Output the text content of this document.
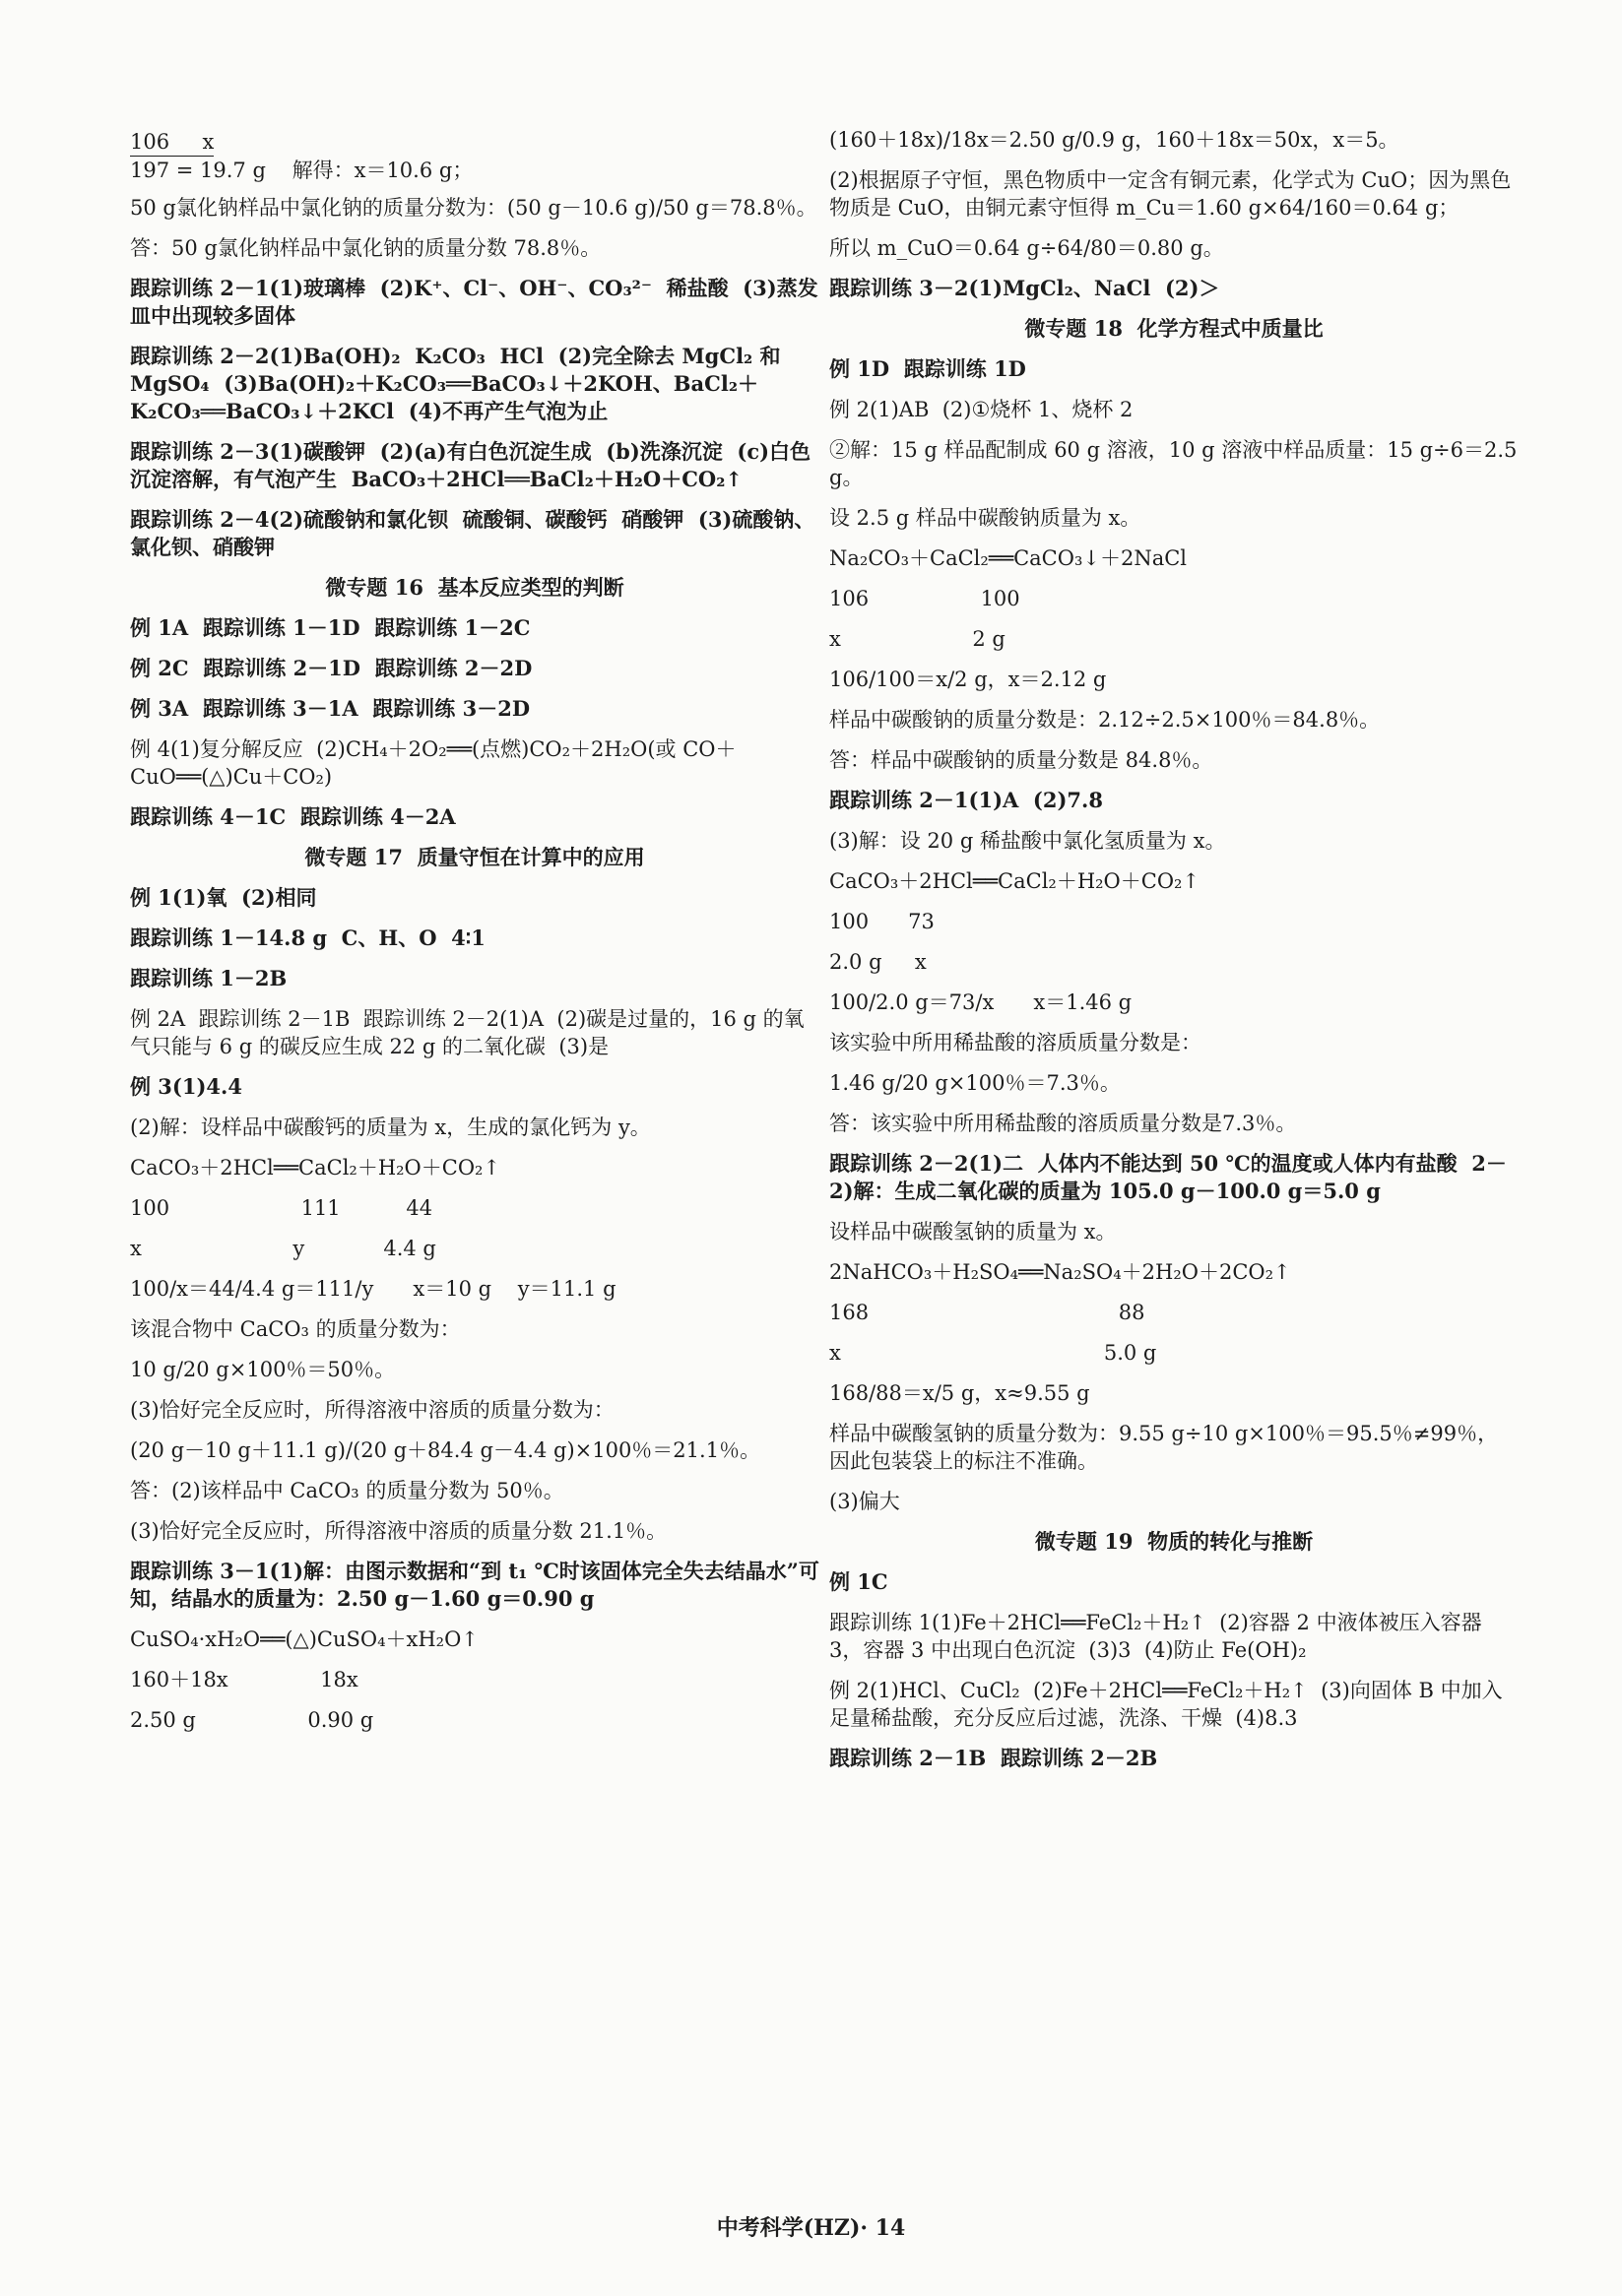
106     x
197 = 19.7 g    解得：x＝10.6 g；
50 g氯化钠样品中氯化钠的质量分数为：(50 g－10.6 g)/50 g＝78.8％。
答：50 g氯化钠样品中氯化钠的质量分数 78.8％。
跟踪训练 2－1(1)玻璃棒  (2)K⁺、Cl⁻、OH⁻、CO₃²⁻  稀盐酸  (3)蒸发皿中出现较多固体
跟踪训练 2－2(1)Ba(OH)₂  K₂CO₃  HCl  (2)完全除去 MgCl₂ 和 MgSO₄  (3)Ba(OH)₂＋K₂CO₃══BaCO₃↓＋2KOH、BaCl₂＋K₂CO₃══BaCO₃↓＋2KCl  (4)不再产生气泡为止
跟踪训练 2－3(1)碳酸钾  (2)(a)有白色沉淀生成  (b)洗涤沉淀  (c)白色沉淀溶解，有气泡产生  BaCO₃＋2HCl══BaCl₂＋H₂O＋CO₂↑
跟踪训练 2－4(2)硫酸钠和氯化钡  硫酸铜、碳酸钙  硝酸钾  (3)硫酸钠、氯化钡、硝酸钾
微专题 16  基本反应类型的判断
例 1A  跟踪训练 1－1D  跟踪训练 1－2C
例 2C  跟踪训练 2－1D  跟踪训练 2－2D
例 3A  跟踪训练 3－1A  跟踪训练 3－2D
例 4(1)复分解反应  (2)CH₄＋2O₂══(点燃)CO₂＋2H₂O(或 CO＋CuO══(△)Cu＋CO₂)
跟踪训练 4－1C  跟踪训练 4－2A
微专题 17  质量守恒在计算中的应用
例 1(1)氧  (2)相同
跟踪训练 1－14.8 g  C、H、O  4∶1
跟踪训练 1－2B
例 2A  跟踪训练 2－1B  跟踪训练 2－2(1)A  (2)碳是过量的，16 g 的氧气只能与 6 g 的碳反应生成 22 g 的二氧化碳  (3)是
例 3(1)4.4
(2)解：设样品中碳酸钙的质量为 x，生成的氯化钙为 y。
CaCO₃＋2HCl══CaCl₂＋H₂O＋CO₂↑
100                    111          44
x                       y            4.4 g
100/x＝44/4.4 g＝111/y      x＝10 g    y＝11.1 g
该混合物中 CaCO₃ 的质量分数为：
10 g/20 g×100％＝50％。
(3)恰好完全反应时，所得溶液中溶质的质量分数为：
(20 g－10 g＋11.1 g)/(20 g＋84.4 g－4.4 g)×100％＝21.1％。
答：(2)该样品中 CaCO₃ 的质量分数为 50％。
(3)恰好完全反应时，所得溶液中溶质的质量分数 21.1％。
跟踪训练 3－1(1)解：由图示数据和“到 t₁ ℃时该固体完全失去结晶水”可知，结晶水的质量为：2.50 g－1.60 g＝0.90 g
CuSO₄·xH₂O══(△)CuSO₄＋xH₂O↑
160＋18x              18x
2.50 g                 0.90 g
(160＋18x)/18x＝2.50 g/0.9 g，160＋18x＝50x，x＝5。
(2)根据原子守恒，黑色物质中一定含有铜元素，化学式为 CuO；因为黑色物质是 CuO，由铜元素守恒得 m_Cu＝1.60 g×64/160＝0.64 g；
所以 m_CuO＝0.64 g÷64/80＝0.80 g。
跟踪训练 3－2(1)MgCl₂、NaCl  (2)＞
微专题 18  化学方程式中质量比
例 1D  跟踪训练 1D
例 2(1)AB  (2)①烧杯 1、烧杯 2
②解：15 g 样品配制成 60 g 溶液，10 g 溶液中样品质量：15 g÷6＝2.5 g。
设 2.5 g 样品中碳酸钠质量为 x。
Na₂CO₃＋CaCl₂══CaCO₃↓＋2NaCl
106                 100
x                    2 g
106/100＝x/2 g，x＝2.12 g
样品中碳酸钠的质量分数是：2.12÷2.5×100％＝84.8％。
答：样品中碳酸钠的质量分数是 84.8％。
跟踪训练 2－1(1)A  (2)7.8
(3)解：设 20 g 稀盐酸中氯化氢质量为 x。
CaCO₃＋2HCl══CaCl₂＋H₂O＋CO₂↑
100      73
2.0 g     x
100/2.0 g＝73/x      x＝1.46 g
该实验中所用稀盐酸的溶质质量分数是：
1.46 g/20 g×100％＝7.3％。
答：该实验中所用稀盐酸的溶质质量分数是7.3％。
跟踪训练 2－2(1)二  人体内不能达到 50 ℃的温度或人体内有盐酸  2－2)解：生成二氧化碳的质量为 105.0 g－100.0 g＝5.0 g
设样品中碳酸氢钠的质量为 x。
2NaHCO₃＋H₂SO₄══Na₂SO₄＋2H₂O＋2CO₂↑
168                                      88
x                                        5.0 g
168/88＝x/5 g，x≈9.55 g
样品中碳酸氢钠的质量分数为：9.55 g÷10 g×100％＝95.5％≠99％，因此包装袋上的标注不准确。
(3)偏大
微专题 19  物质的转化与推断
例 1C
跟踪训练 1(1)Fe＋2HCl══FeCl₂＋H₂↑  (2)容器 2 中液体被压入容器 3，容器 3 中出现白色沉淀  (3)3  (4)防止 Fe(OH)₂
例 2(1)HCl、CuCl₂  (2)Fe＋2HCl══FeCl₂＋H₂↑  (3)向固体 B 中加入足量稀盐酸，充分反应后过滤，洗涤、干燥  (4)8.3
跟踪训练 2－1B  跟踪训练 2－2B
中考科学(HZ)· 14
